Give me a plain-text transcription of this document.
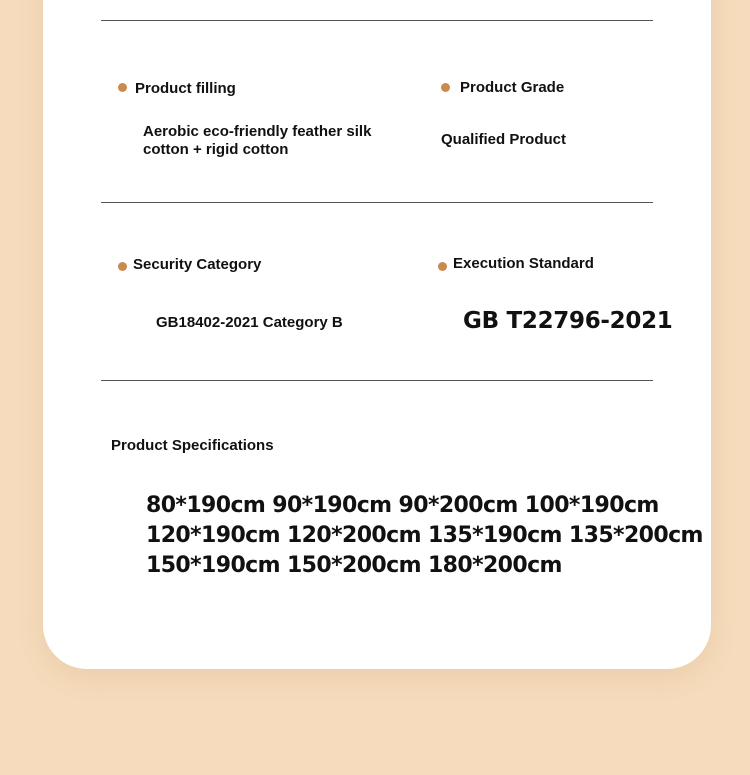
Product filling
Aerobic eco-friendly feather silk cotton + rigid cotton
Product Grade
Qualified Product
Security Category
GB18402-2021 Category B
Execution Standard
GB T22796-2021
Product Specifications
80*190cm 90*190cm 90*200cm 100*190cm
120*190cm 120*200cm 135*190cm 135*200cm
150*190cm 150*200cm 180*200cm
